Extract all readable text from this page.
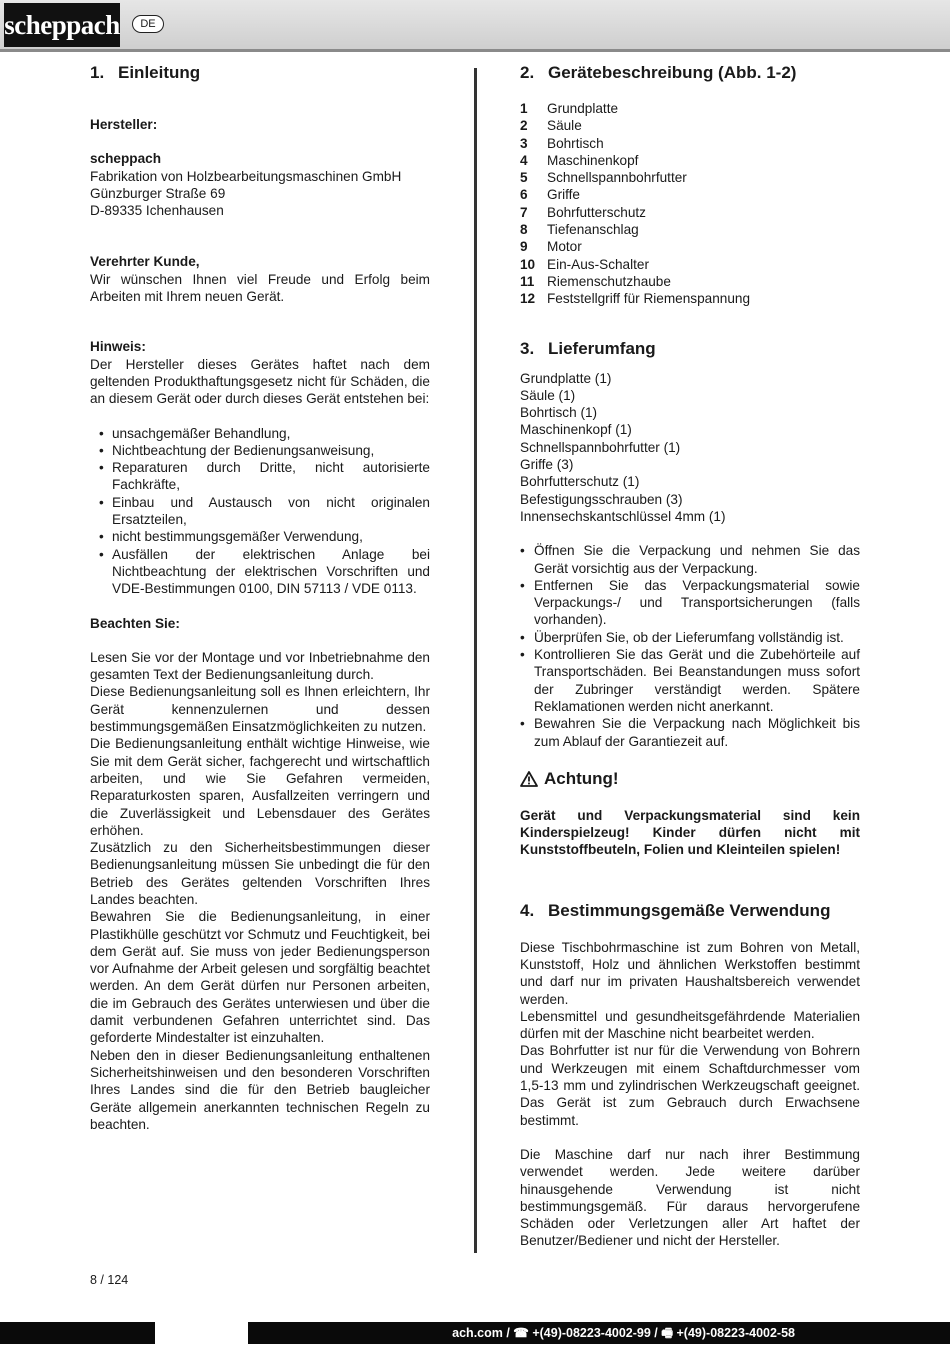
scheppach	DE
1. Einleitung
Hersteller:
scheppach
Fabrikation von Holzbearbeitungsmaschinen GmbH
Günzburger Straße 69
D-89335 Ichenhausen
Verehrter Kunde,

Wir wünschen Ihnen viel Freude und Erfolg beim Arbeiten mit Ihrem neuen Gerät.

Hinweis:

Der Hersteller dieses Gerätes haftet nach dem geltenden Produkthaftungsgesetz nicht für Schäden, die an diesem Gerät oder durch dieses Gerät entstehen bei:

• unsachgemäßer Behandlung,
• Nichtbeachtung der Bedienungsanweisung,
• Reparaturen durch Dritte, nicht autorisierte Fachkräfte,
• Einbau und Austausch von nicht originalen Ersatzteilen,
• nicht bestimmungsgemäßer Verwendung,
• Ausfällen der elektrischen Anlage bei Nichtbeachtung der elektrischen Vorschriften und VDE-Bestimmungen 0100, DIN 57113 / VDE 0113.
Beachten Sie:

Lesen Sie vor der Montage und vor Inbetriebnahme den gesamten Text der Bedienungsanleitung durch.

Diese Bedienungsanleitung soll es Ihnen erleichtern, Ihr Gerät kennenzulernen und dessen bestimmungsgemäßen Einsatzmöglichkeiten zu nutzen.

Die Bedienungsanleitung enthält wichtige Hinweise, wie Sie mit dem Gerät sicher, fachgerecht und wirtschaftlich arbeiten, und wie Sie Gefahren vermeiden, Reparaturkosten sparen, Ausfallzeiten verringern und die Zuverlässigkeit und Lebensdauer des Gerätes erhöhen.

Zusätzlich zu den Sicherheitsbestimmungen dieser Bedienungsanleitung müssen Sie unbedingt die für den Betrieb des Gerätes geltenden Vorschriften Ihres Landes beachten.

Bewahren Sie die Bedienungsanleitung, in einer Plastikhülle geschützt vor Schmutz und Feuchtigkeit, bei dem Gerät auf. Sie muss von jeder Bedienungsperson vor Aufnahme der Arbeit gelesen und sorgfältig beachtet werden. An dem Gerät dürfen nur Personen arbeiten, die im Gebrauch des Gerätes unterwiesen und über die damit verbundenen Gefahren unterrichtet sind. Das geforderte Mindestalter ist einzuhalten.

Neben den in dieser Bedienungsanleitung enthaltenen Sicherheitshinweisen und den besonderen Vorschriften Ihres Landes sind die für den Betrieb baugleicher Geräte allgemein anerkannten technischen Regeln zu beachten.

2. Gerätebeschreibung (Abb. 1-2)
1	Grundplatte
2	Säule
3	Bohrtisch
4	Maschinenkopf
5	Schnellspannbohrfutter
6	Griffe
7	Bohrfutterschutz
8	Tiefenanschlag
9	Motor
10 Ein-Aus-Schalter
11 Riemenschutzhaube
12 Feststellgriff für Riemenspannung
3. Lieferumfang
Grundplatte (1)
Säule (1)
Bohrtisch (1)
Maschinenkopf (1)
Schnellspannbohrfutter (1)
Griffe (3)
Bohrfutterschutz (1)
Befestigungsschrauben (3)
Innensechskantschlüssel 4mm (1)
• Öffnen Sie die Verpackung und nehmen Sie das Gerät vorsichtig aus der Verpackung.
• Entfernen Sie das Verpackungsmaterial sowie Verpackungs-/ und Transportsicherungen (falls vorhanden).
• Überprüfen Sie, ob der Lieferumfang vollständig ist.
• Kontrollieren Sie das Gerät und die Zubehörteile auf Transportschäden. Bei Beanstandungen muss sofort der Zubringer verständigt werden. Spätere Reklamationen werden nicht anerkannt.
• Bewahren Sie die Verpackung nach Möglichkeit bis zum Ablauf der Garantiezeit auf.
Achtung!

Gerät und Verpackungsmaterial sind kein Kinderspielzeug! Kinder dürfen nicht mit Kunststoffbeuteln, Folien und Kleinteilen spielen!

4. Bestimmungsgemäße Verwendung

Diese Tischbohrmaschine ist zum Bohren von Metall, Kunststoff, Holz und ähnlichen Werkstoffen bestimmt und darf nur im privaten Haushaltsbereich verwendet werden.

Lebensmittel und gesundheitsgefährdende Materialien dürfen mit der Maschine nicht bearbeitet werden.

Das Bohrfutter ist nur für die Verwendung von Bohrern und Werkzeugen mit einem Schaftdurchmesser vom 1,5-13 mm und zylindrischen Werkzeugschaft geeignet. Das Gerät ist zum Gebrauch durch Erwachsene bestimmt.

Die Maschine darf nur nach ihrer Bestimmung verwendet werden. Jede weitere darüber hinausgehende Verwendung ist nicht bestimmungsgemäß. Für daraus hervorgerufene Schäden oder Verletzungen aller Art haftet der Benutzer/Bediener und nicht der Hersteller.

8 / 124
ach.com / ☎ +(49)-08223-4002-99 / 🖷 +(49)-08223-4002-58
